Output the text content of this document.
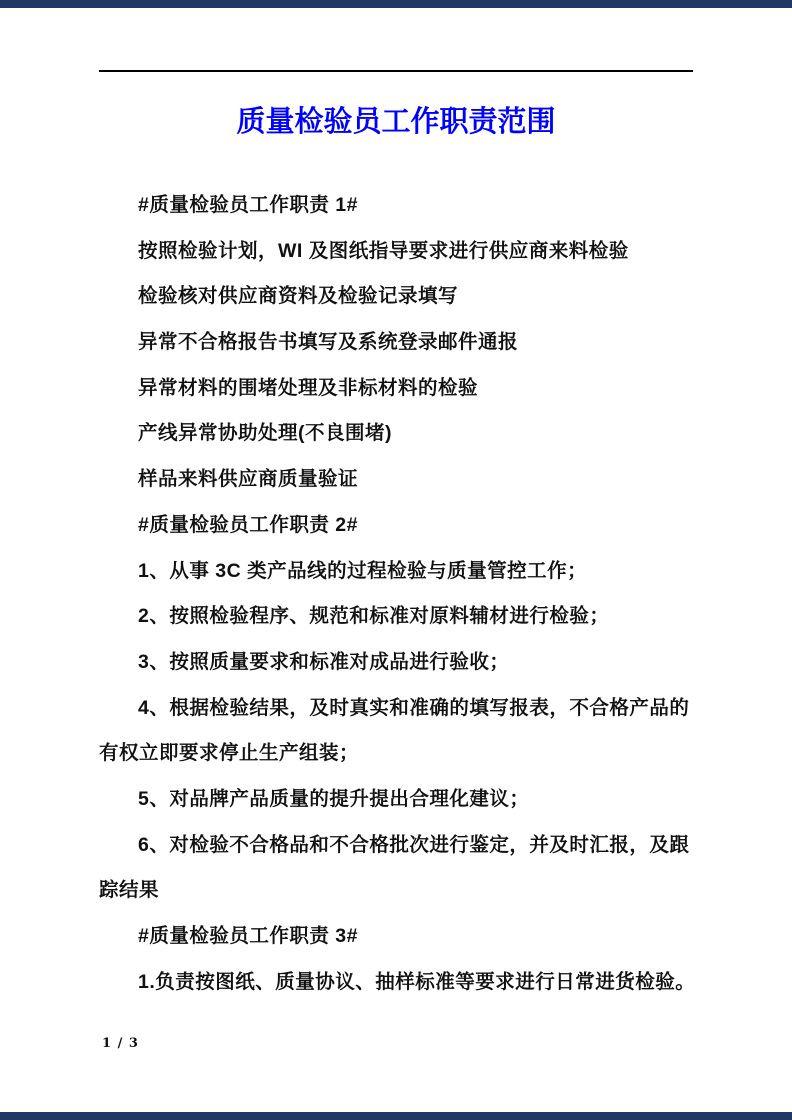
质量检验员工作职责范围
#质量检验员工作职责 1#
按照检验计划，WI 及图纸指导要求进行供应商来料检验
检验核对供应商资料及检验记录填写
异常不合格报告书填写及系统登录邮件通报
异常材料的围堵处理及非标材料的检验
产线异常协助处理(不良围堵)
样品来料供应商质量验证
#质量检验员工作职责 2#
1、从事 3C 类产品线的过程检验与质量管控工作；
2、按照检验程序、规范和标准对原料辅材进行检验；
3、按照质量要求和标准对成品进行验收；
4、根据检验结果，及时真实和准确的填写报表，不合格产品的
有权立即要求停止生产组装；
5、对品牌产品质量的提升提出合理化建议；
6、对检验不合格品和不合格批次进行鉴定，并及时汇报，及跟
踪结果
#质量检验员工作职责 3#
1.负责按图纸、质量协议、抽样标准等要求进行日常进货检验。
1 / 3
